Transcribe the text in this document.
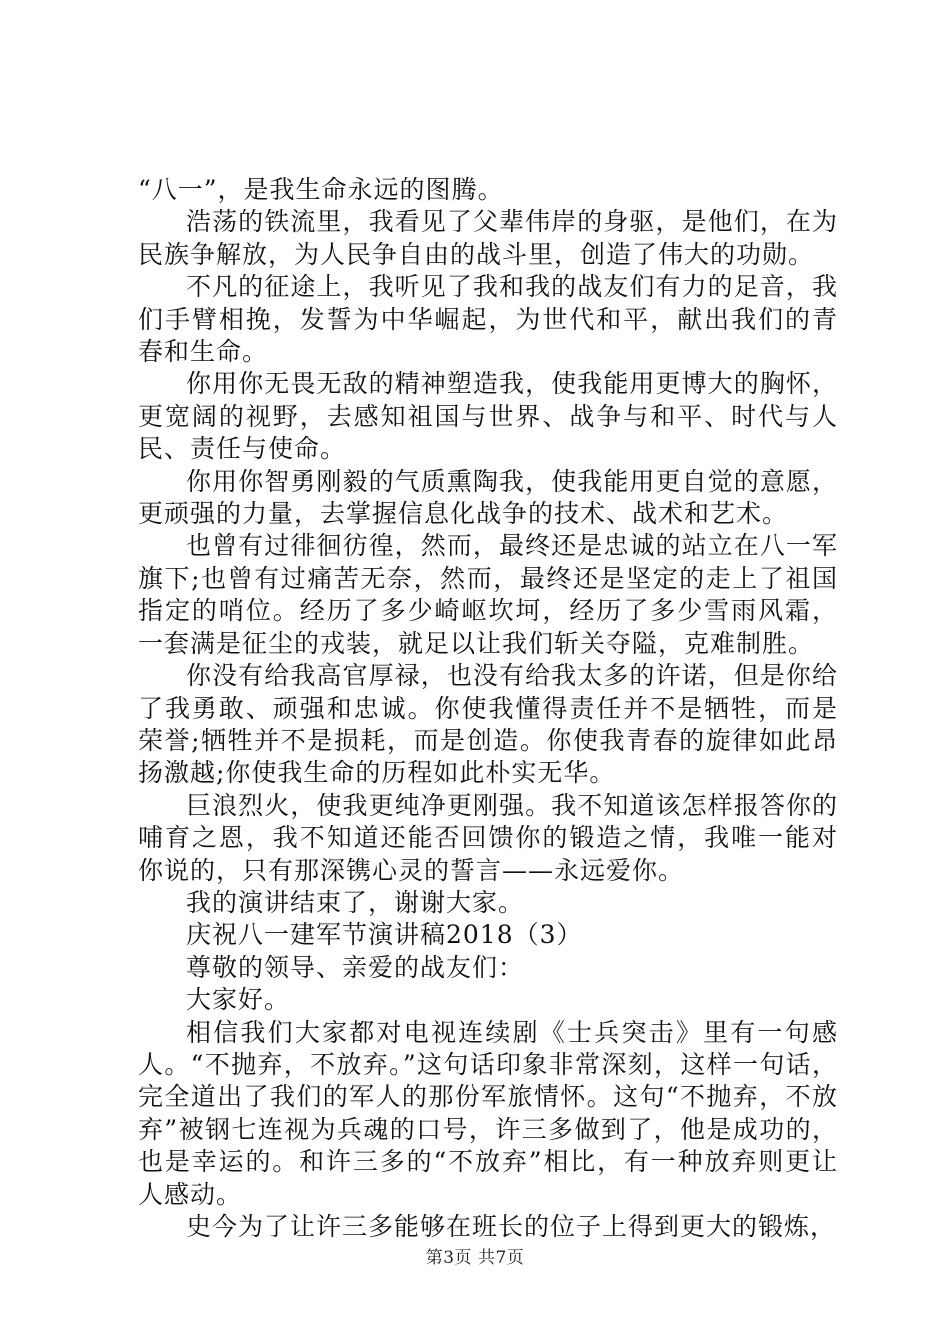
“八一”，是我生命永远的图腾。

浩荡的铁流里，我看见了父辈伟岸的身驱，是他们，在为民族争解放，为人民争自由的战斗里，创造了伟大的功勋。

不凡的征途上，我听见了我和我的战友们有力的足音，我们手臂相挽，发誓为中华崛起，为世代和平，献出我们的青春和生命。

你用你无畏无敌的精神塑造我，使我能用更博大的胸怀，更宽阔的视野，去感知祖国与世界、战争与和平、时代与人民、责任与使命。

你用你智勇刚毅的气质熏陶我，使我能用更自觉的意愿，更顽强的力量，去掌握信息化战争的技术、战术和艺术。

也曾有过徘徊彷徨，然而，最终还是忠诚的站立在八一军旗下;也曾有过痛苦无奈，然而，最终还是坚定的走上了祖国指定的哨位。经历了多少崎岖坎坷，经历了多少雪雨风霜，一套满是征尘的戎装，就足以让我们斩关夺隘，克难制胜。

你没有给我高官厚禄，也没有给我太多的许诺，但是你给了我勇敢、顽强和忠诚。你使我懂得责任并不是牺牲，而是荣誉;牺牲并不是损耗，而是创造。你使我青春的旋律如此昂扬激越;你使我生命的历程如此朴实无华。

巨浪烈火，使我更纯净更刚强。我不知道该怎样报答你的哺育之恩，我不知道还能否回馈你的锻造之情，我唯一能对你说的，只有那深镌心灵的誓言——永远爱你。

我的演讲结束了，谢谢大家。

庆祝八一建军节演讲稿2018（3）

尊敬的领导、亲爱的战友们：

大家好。

相信我们大家都对电视连续剧《士兵突击》里有一句感人。“不抛弃，不放弃。”这句话印象非常深刻，这样一句话，完全道出了我们的军人的那份军旅情怀。这句“不抛弃，不放弃”被钢七连视为兵魂的口号，许三多做到了，他是成功的，也是幸运的。和许三多的“不放弃”相比，有一种放弃则更让人感动。

史今为了让许三多能够在班长的位子上得到更大的锻炼，

第3页 共7页
